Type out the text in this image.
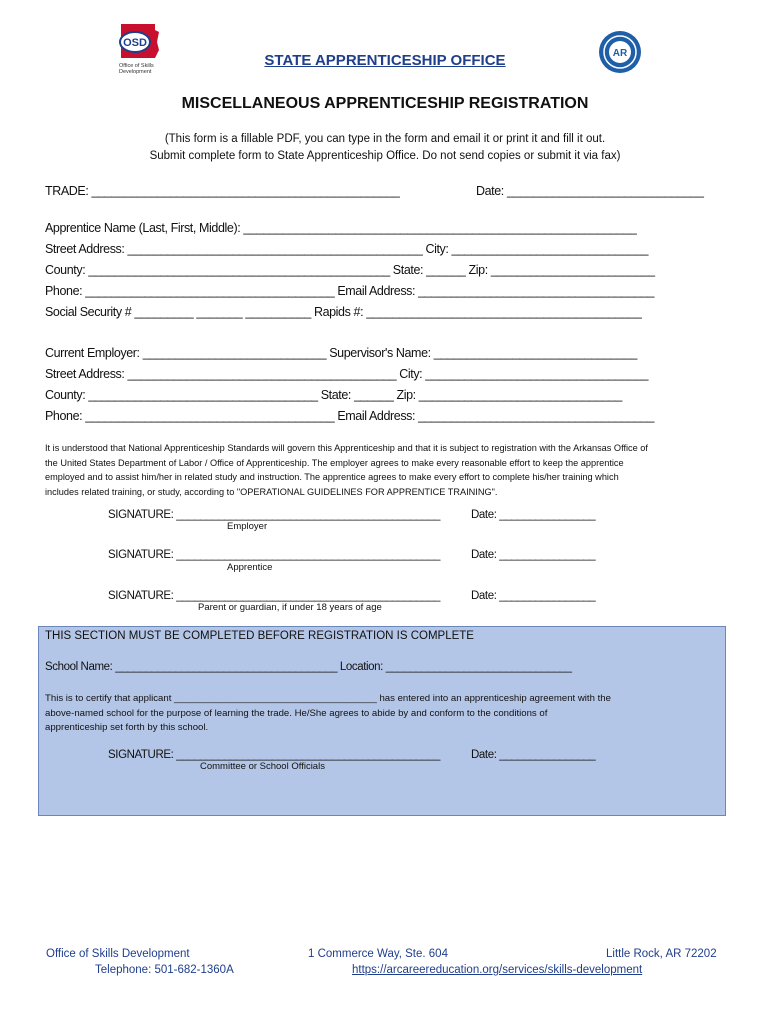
OSD
Office of Skills
Development
AR
STATE APPRENTICESHIP OFFICE
MISCELLANEOUS APPRENTICESHIP REGISTRATION
(This form is a fillable PDF, you can type in the form and email it or print it and fill it out.
Submit complete form to State Apprenticeship Office. Do not send copies or submit it via fax)
TRADE: _______________________________________________	Date: ______________________________
Apprentice Name (Last, First, Middle): ____________________________________________________________
Street Address: _____________________________________________ City: ______________________________
County: ______________________________________________ State: ______ Zip: _________________________
Phone: ______________________________________ Email Address: ____________________________________
Social Security # _________ _______ __________ Rapids #: __________________________________________
Current Employer: ____________________________ Supervisor's Name: _______________________________
Street Address: _________________________________________ City: __________________________________
County: ___________________________________ State: ______ Zip: _______________________________
Phone: ______________________________________ Email Address: ____________________________________
It is understood that National Apprenticeship Standards will govern this Apprenticeship and that it is subject to registration with the Arkansas Office of
the United States Department of Labor / Office of Apprenticeship. The employer agrees to make every reasonable effort to keep the apprentice
employed and to assist him/her in related study and instruction. The apprentice agrees to make every effort to complete his/her training which
includes related training, or study, according to "OPERATIONAL GUIDELINES FOR APPRENTICE TRAINING".
SIGNATURE: ____________________________________________	Date: ________________
Employer
SIGNATURE: ____________________________________________	Date: ________________
Apprentice
SIGNATURE: ____________________________________________	Date: ________________
Parent or guardian, if under 18 years of age
THIS SECTION MUST BE COMPLETED BEFORE REGISTRATION IS COMPLETE
School Name: _____________________________________ Location: _______________________________
This is to certify that applicant ______________________________________ has entered into an apprenticeship agreement with the
above-named school for the purpose of learning the trade. He/She agrees to abide by and conform to the conditions of
apprenticeship set forth by this school.
SIGNATURE: ____________________________________________	Date: ________________
Committee or School Officials
Office of Skills Development
Telephone: 501-682-1360A
1 Commerce Way, Ste. 604	Little Rock, AR 72202
https://arcareereducation.org/services/skills-development
